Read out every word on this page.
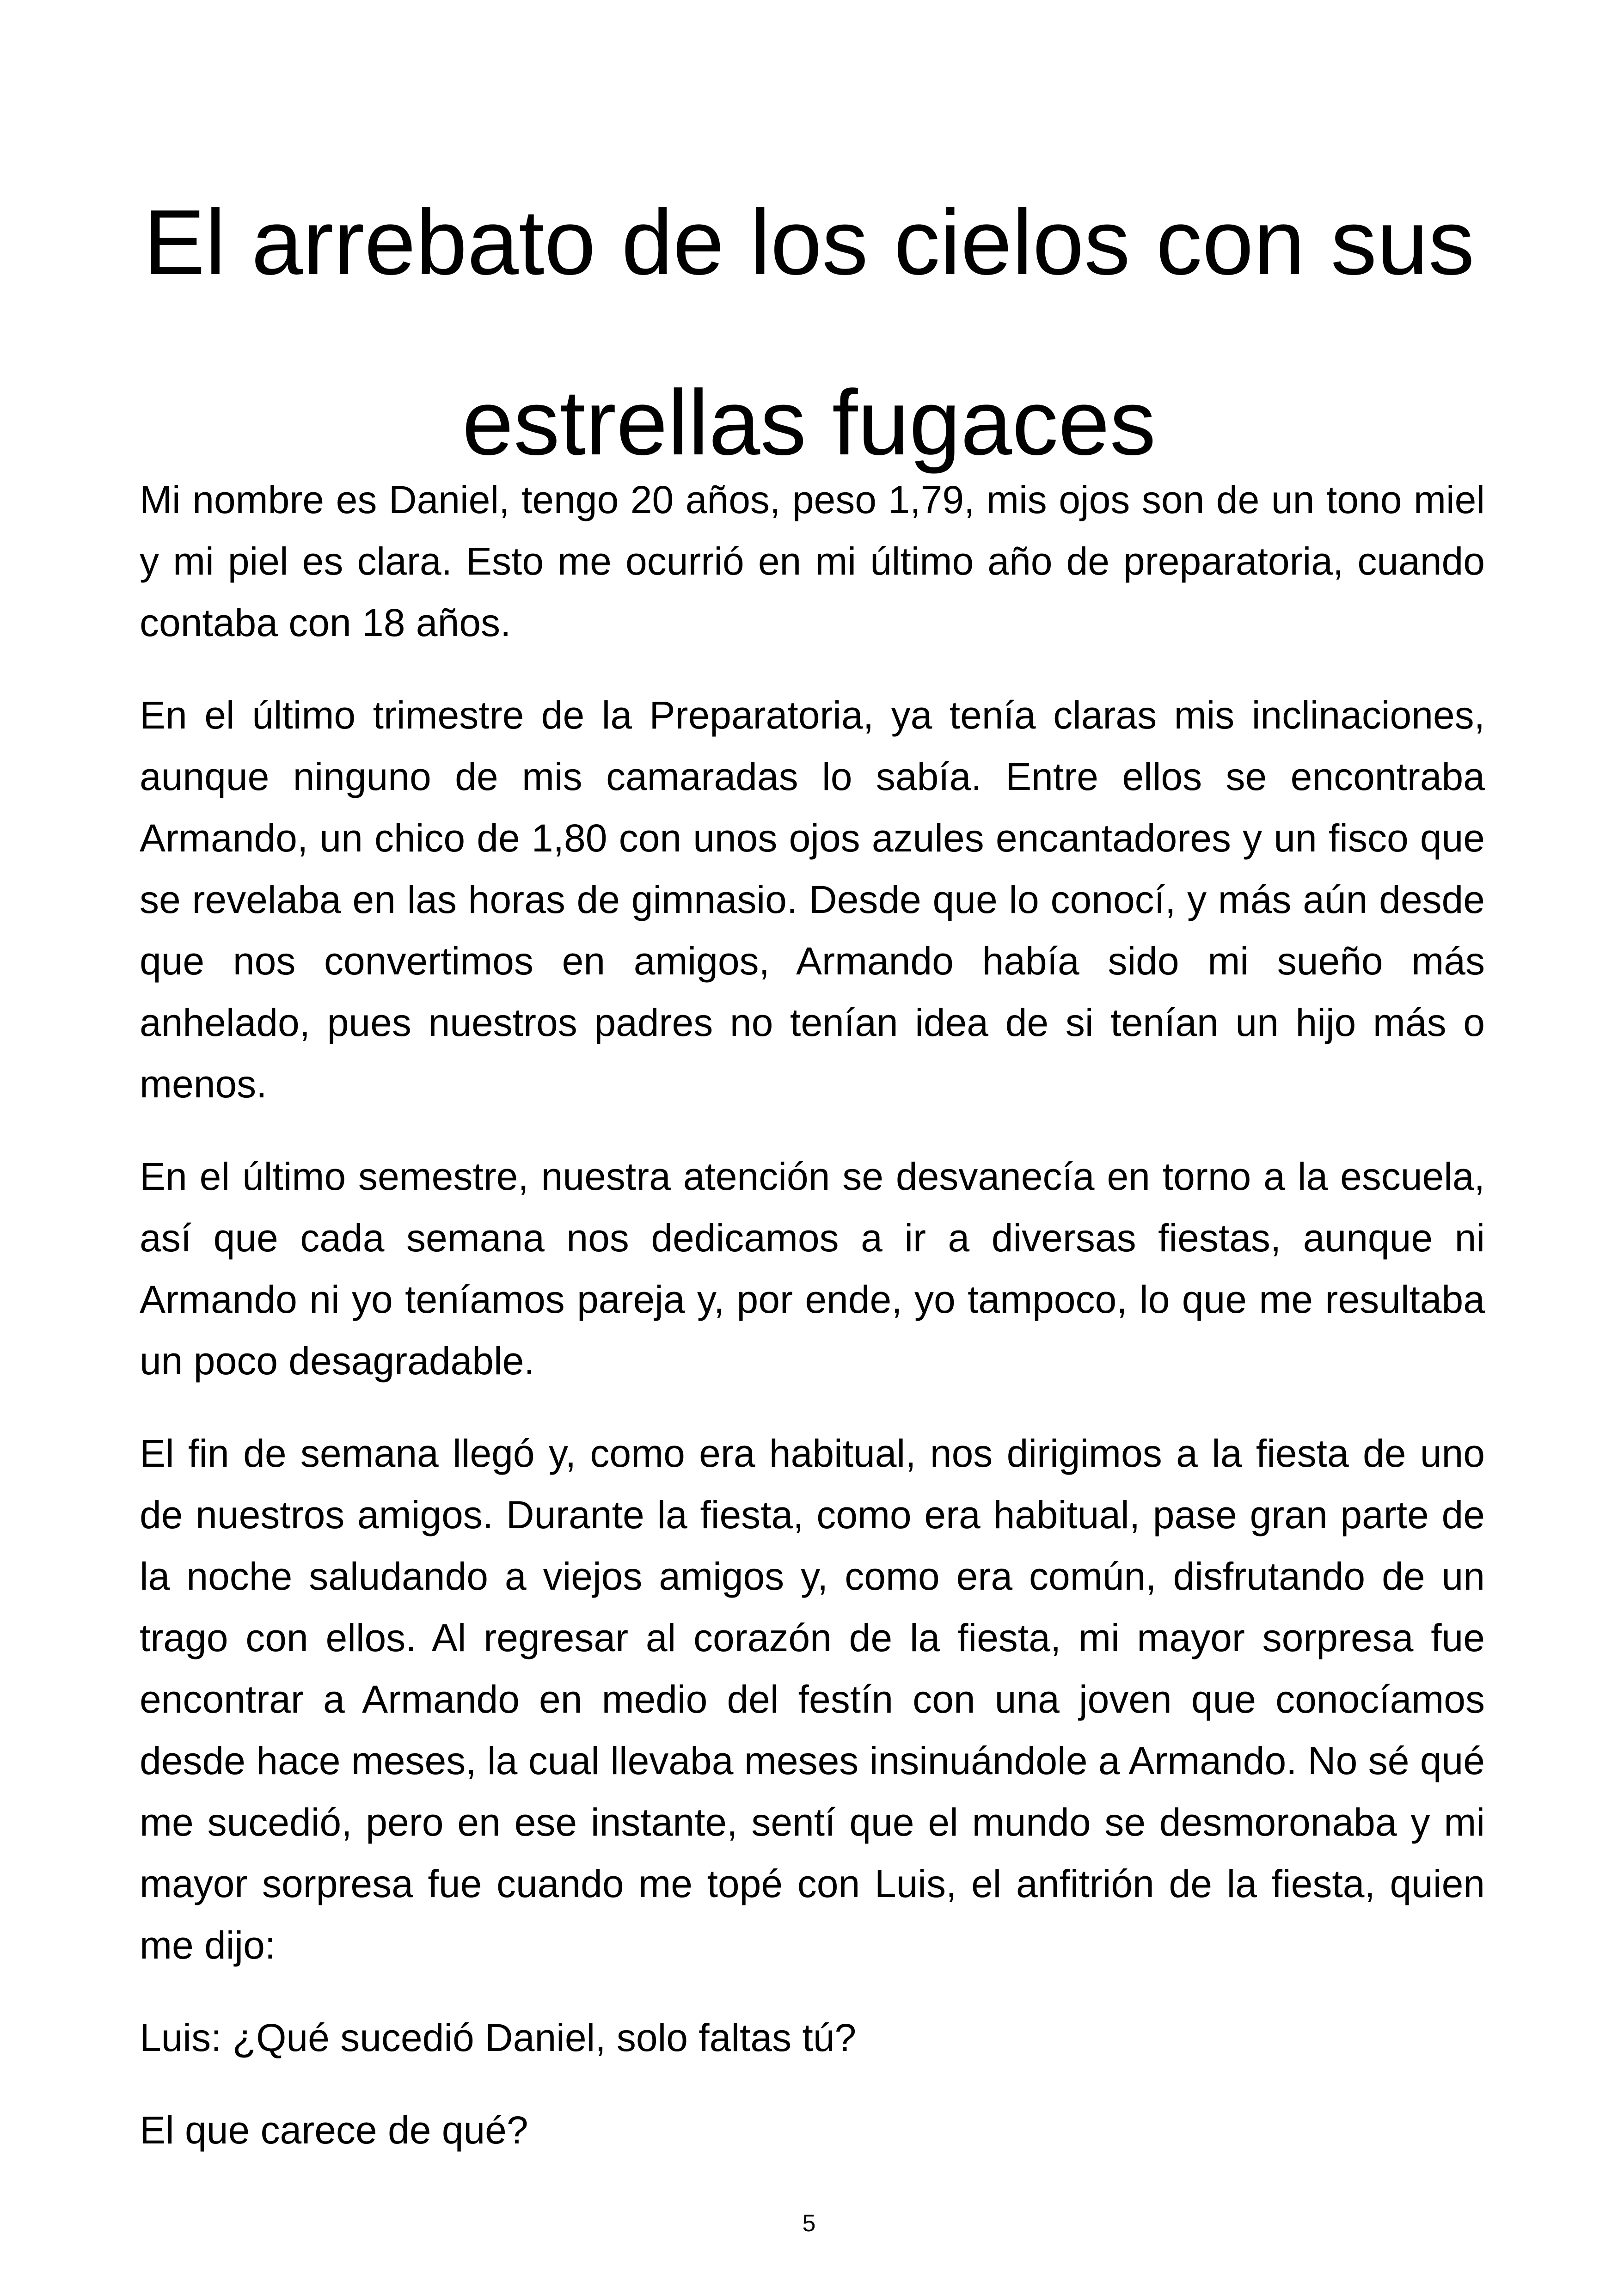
El arrebato de los cielos con sus
estrellas fugaces

Mi nombre es Daniel, tengo 20 años, peso 1,79, mis ojos son de un tono miel y mi piel es clara. Esto me ocurrió en mi último año de preparatoria, cuando contaba con 18 años.

En el último trimestre de la Preparatoria, ya tenía claras mis inclinaciones, aunque ninguno de mis camaradas lo sabía. Entre ellos se encontraba Armando, un chico de 1,80 con unos ojos azules encantadores y un fisco que se revelaba en las horas de gimnasio. Desde que lo conocí, y más aún desde que nos convertimos en amigos, Armando había sido mi sueño más anhelado, pues nuestros padres no tenían idea de si tenían un hijo más o menos.

En el último semestre, nuestra atención se desvanecía en torno a la escuela, así que cada semana nos dedicamos a ir a diversas fiestas, aunque ni Armando ni yo teníamos pareja y, por ende, yo tampoco, lo que me resultaba un poco desagradable.

El fin de semana llegó y, como era habitual, nos dirigimos a la fiesta de uno de nuestros amigos. Durante la fiesta, como era habitual, pase gran parte de la noche saludando a viejos amigos y, como era común, disfrutando de un trago con ellos. Al regresar al corazón de la fiesta, mi mayor sorpresa fue encontrar a Armando en medio del festín con una joven que conocíamos desde hace meses, la cual llevaba meses insinuándole a Armando. No sé qué me sucedió, pero en ese instante, sentí que el mundo se desmoronaba y mi mayor sorpresa fue cuando me topé con Luis, el anfitrión de la fiesta, quien me dijo:

Luis: ¿Qué sucedió Daniel, solo faltas tú?

El que carece de qué?

5
